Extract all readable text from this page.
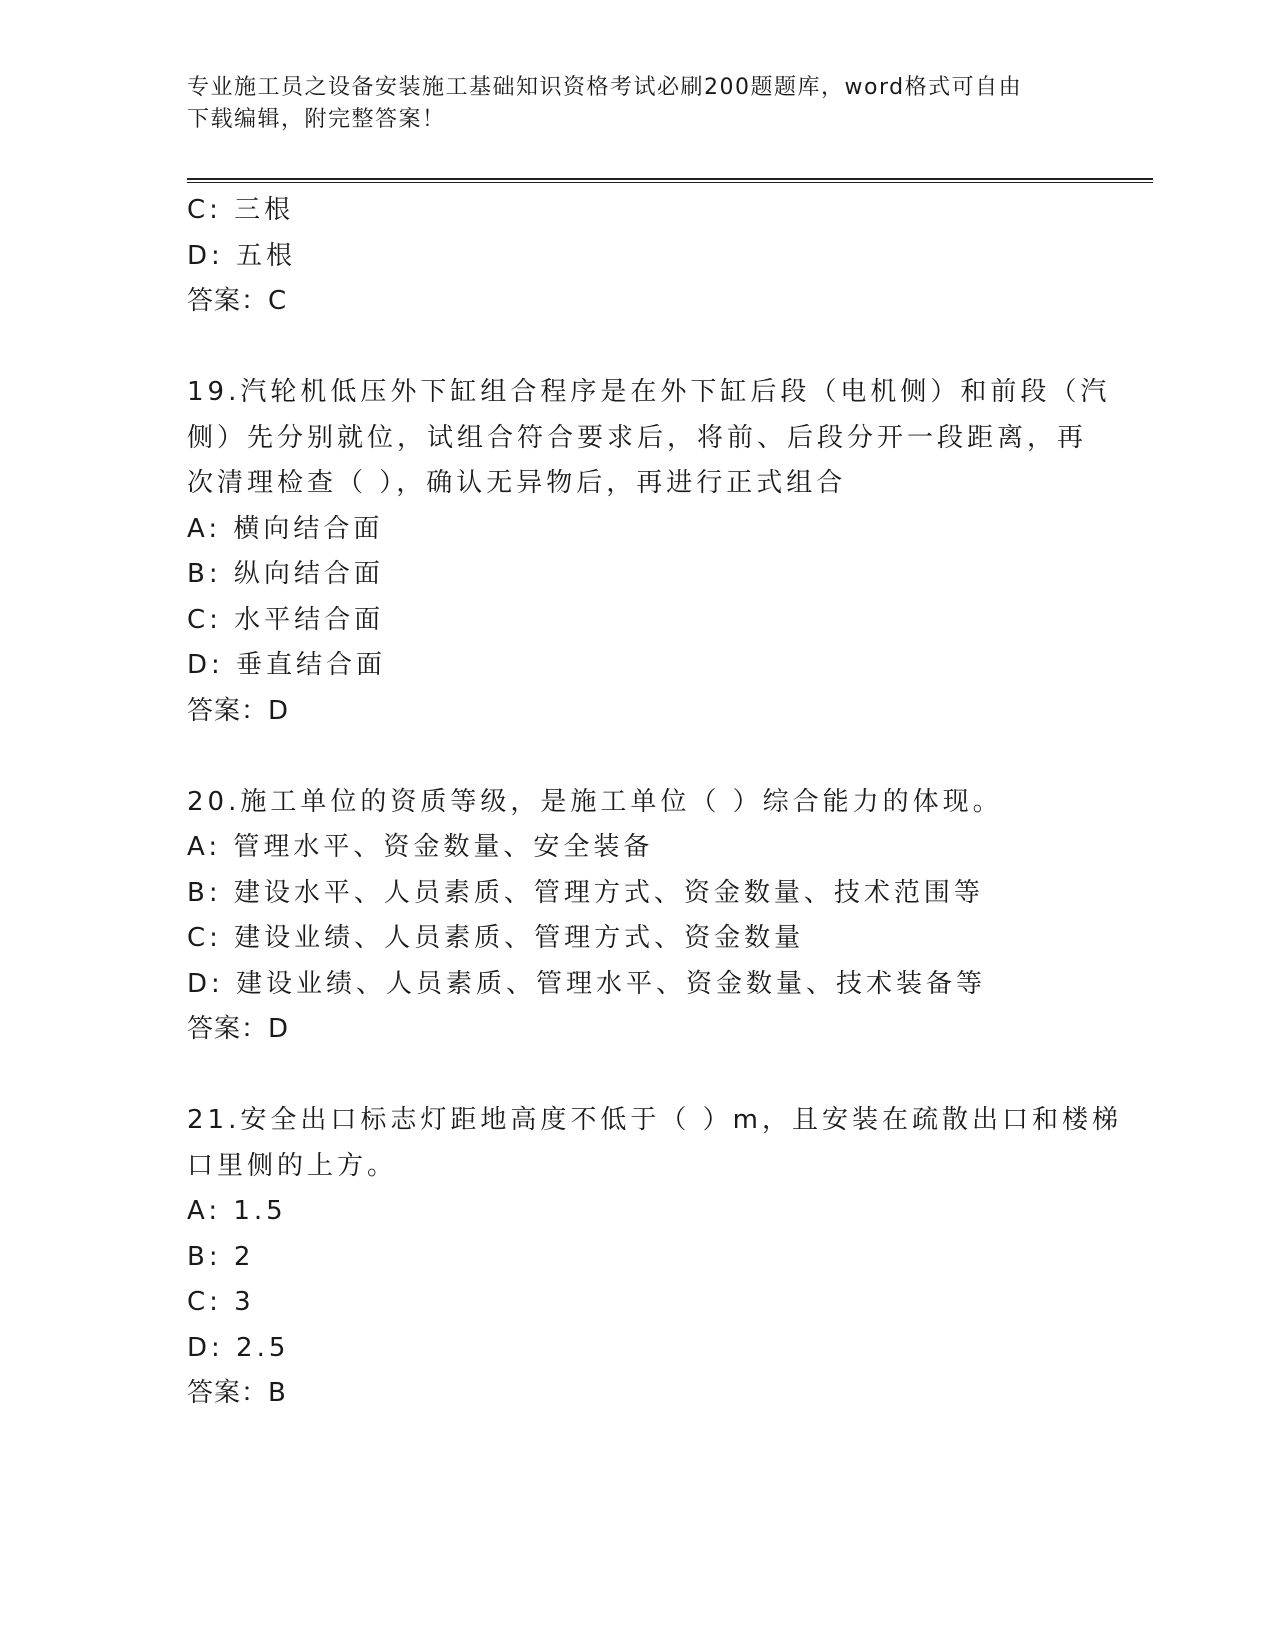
专业施工员之设备安装施工基础知识资格考试必刷200题题库，word格式可自由
下载编辑，附完整答案！
C: 三根
D: 五根
答案：C
19.汽轮机低压外下缸组合程序是在外下缸后段（电机侧）和前段（汽
侧）先分别就位，试组合符合要求后，将前、后段分开一段距离，再
次清理检查（ ），确认无异物后，再进行正式组合
A: 横向结合面
B: 纵向结合面
C: 水平结合面
D: 垂直结合面
答案：D
20.施工单位的资质等级，是施工单位（ ）综合能力的体现。
A: 管理水平、资金数量、安全装备
B: 建设水平、人员素质、管理方式、资金数量、技术范围等
C: 建设业绩、人员素质、管理方式、资金数量
D: 建设业绩、人员素质、管理水平、资金数量、技术装备等
答案：D
21.安全出口标志灯距地高度不低于（ ）m，且安装在疏散出口和楼梯
口里侧的上方。
A: 1.5
B: 2
C: 3
D: 2.5
答案：B
